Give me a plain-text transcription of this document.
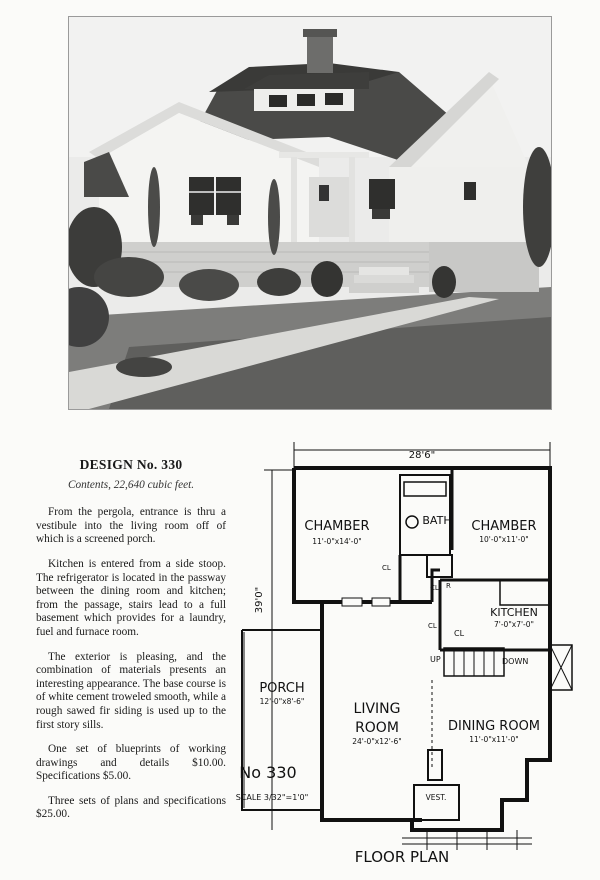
DESIGN No. 330
Contents, 22,640 cubic feet.

From the pergola, entrance is thru a vestibule into the living room off of which is a screened porch.

Kitchen is entered from a side stoop. The refrigerator is located in the passway between the dining room and kitchen; from the passage, stairs lead to a full basement which provides for a laundry, fuel and furnace room.

The exterior is pleasing, and the combination of materials presents an interesting appearance. The base course is of white cement troweled smooth, while a rough sawed fir siding is used up to the first story sills.

One set of blueprints of working drawings and details $10.00. Specifications $5.00.

Three sets of plans and specifications $25.00.

28'6"
39'0"
CHAMBER
11'-0"x14'-0"
BATH CHAMBER
10'-0"x11'-0"
CL
CL
CL
CL
R
KITCHEN
7'-0"x7'-0"
UP	DOWN
PORCH
12'-0"x8'-6"	LIVING
ROOM
24'-0"x12'-6"
DINING ROOM
11'-0"x11'-0"
VEST.
No 330
SCALE 3/32"=1'0"
FLOOR PLAN
